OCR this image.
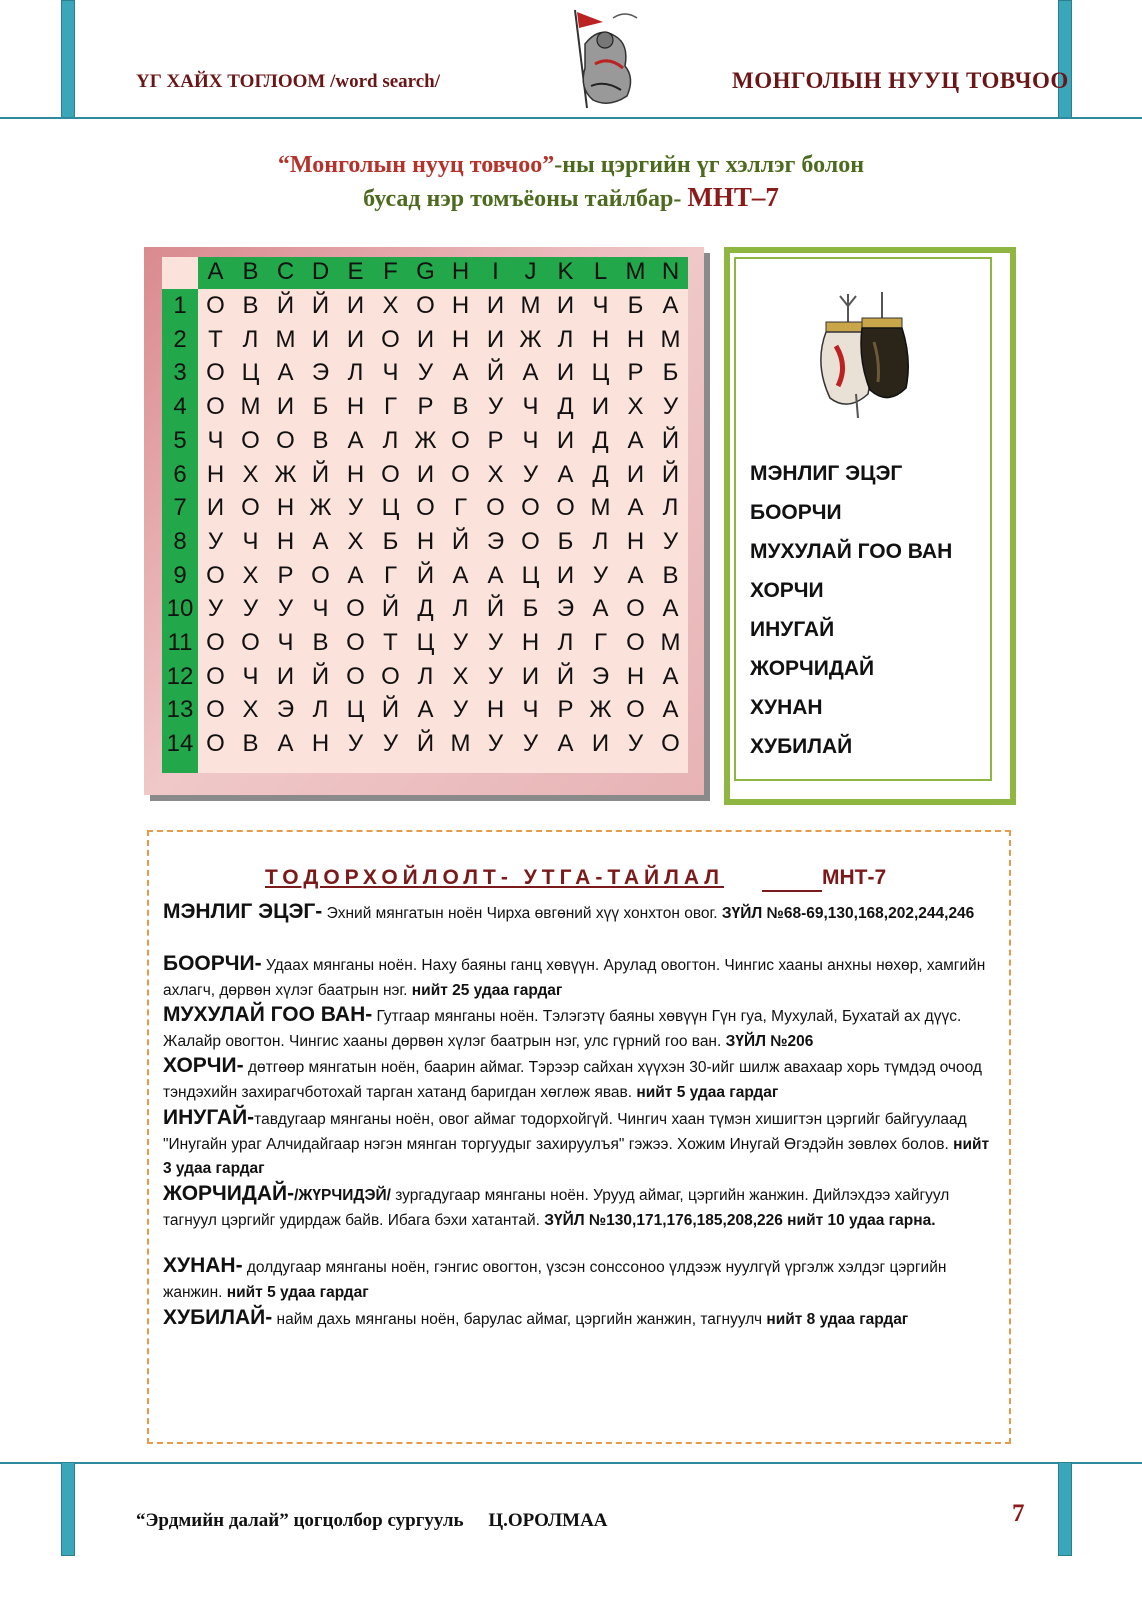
ҮГ ХАЙХ ТОГЛООМ /word search/	МОНГОЛЫН НУУЦ ТОВЧОО
“Монголын нууц товчоо”-ны цэргийн үг хэллэг болон
бусад нэр томъёоны тайлбар- МНТ–7
A B C D E F G H I	J K L M N
1 О В Й Й И Х О Н И М И Ч Б А
2 Т Л М И И О И Н И Ж Л Н Н М
3 О Ц А Э Л Ч У А Й А И Ц Р Б
4 О М И Б Н Г Р В У Ч Д И Х У
5 Ч О О В А Л Ж О Р Ч И Д А Й
6 Н Х Ж Й Н О И О Х У А Д И Й
7 И О Н Ж У Ц О Г О О О М А Л
8 У Ч Н А Х Б Н Й Э О Б Л Н У
9 О Х Р О А Г Й А А Ц И У А В
10 У У У Ч О Й Д Л Й Б Э А О А
11 О О Ч В О Т Ц У У Н Л Г О М
12 О Ч И Й О О Л Х У И Й Э Н А
13 О Х Э Л Ц Й А У Н Ч Р Ж О А
14 О В А Н У У Й М У У А И У О
МЭНЛИГ ЭЦЭГ
БООРЧИ
МУХУЛАЙ ГОО ВАН
ХОРЧИ
ИНУГАЙ
ЖОРЧИДАЙ
ХУНАН
ХУБИЛАЙ
ТОДОРХОЙЛОЛТ- УТГА-ТАЙЛАЛ	МНТ-7
МЭНЛИГ ЭЦЭГ- Эхний мянгатын ноён Чирха өвгөний хүү хонхтон овог. ЗҮЙЛ №68-69,130,168,202,244,246
БООРЧИ- Удаах мянганы ноён. Наху баяны ганц хөвүүн. Арулад овогтон. Чингис хааны анхны нөхөр, хамгийн ахлагч, дөрвөн хүлэг баатрын нэг. нийт 25 удаа гардаг
МУХУЛАЙ ГОО ВАН- Гутгаар мянганы ноён. Тэлэгэтү баяны хөвүүн Гүн гуа, Мухулай, Бухатай ах дүүс. Жалайр овогтон. Чингис хааны дөрвөн хүлэг баатрын нэг, улс гүрний гоо ван. ЗҮЙЛ №206
ХОРЧИ- дөтгөөр мянгатын ноён, баарин аймаг. Тэрээр сайхан хүүхэн 30-ийг шилж авахаар хорь түмдэд очоод тэндэхийн захирагчботохай тарган хатанд баригдан хөглөж явав. нийт 5 удаа гардаг
ИНУГАЙ-тавдугаар мянганы ноён, овог аймаг тодорхойгүй. Чингич хаан түмэн хишигтэн цэргийг байгуулаад "Инугайн ураг Алчидайгаар нэгэн мянган торгуудыг захируулъя" гэжээ. Хожим Инугай Өгэдэйн зөвлөх болов. нийт 3 удаа гардаг
ЖОРЧИДАЙ-/ЖҮРЧИДЭЙ/ зургадугаар мянганы ноён. Урууд аймаг, цэргийн жанжин. Дийлэхдээ хайгуул тагнуул цэргийг удирдаж байв. Ибага бэхи хатантай. ЗҮЙЛ №130,171,176,185,208,226 нийт 10 удаа гарна.
ХУНАН- долдугаар мянганы ноён, гэнгис овогтон, үзсэн сонссоноо үлдээж нуулгүй үргэлж хэлдэг цэргийн жанжин. нийт 5 удаа гардаг
ХУБИЛАЙ- найм дахь мянганы ноён, барулас аймаг, цэргийн жанжин, тагнуулч нийт 8 удаа гардаг
“Эрдмийн далай” цогцолбор сургууль Ц.ОРОЛМАА	7
